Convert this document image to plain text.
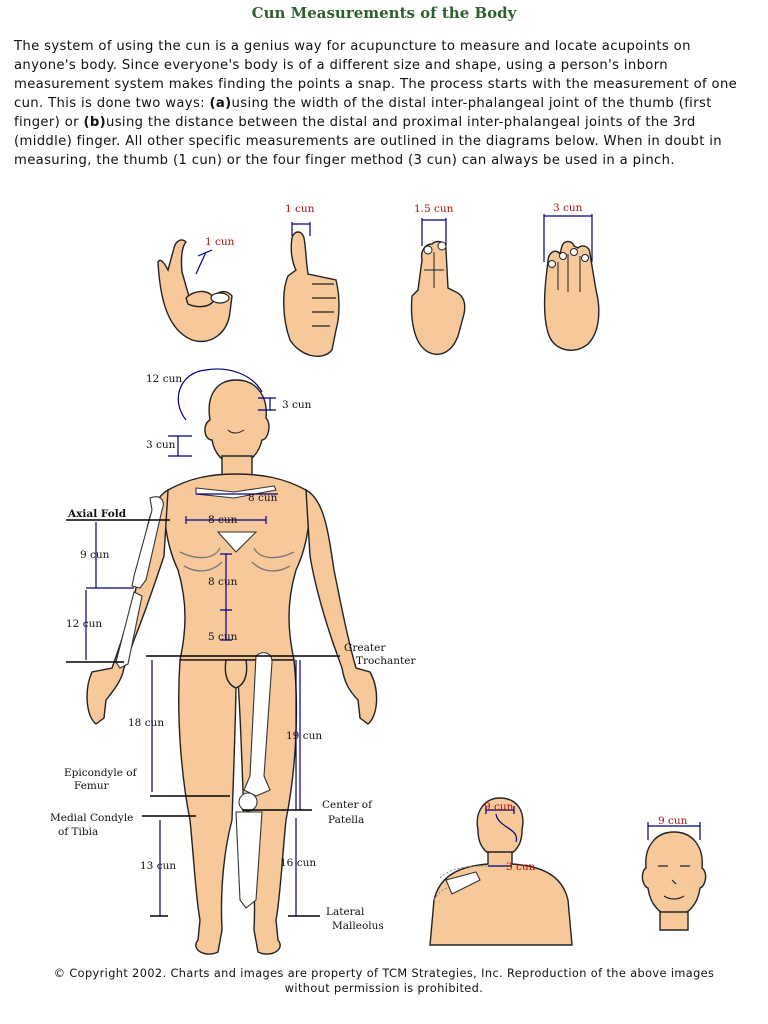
Cun Measurements of the Body
The system of using the cun is a genius way for acupuncture to measure and locate acupoints on anyone's body. Since everyone's body is of a different size and shape, using a person's inborn measurement system makes finding the points a snap. The process starts with the measurement of one cun. This is done two ways: (a)using the width of the distal inter-phalangeal joint of the thumb (first finger) or (b)using the distance between the distal and proximal inter-phalangeal joints of the 3rd (middle) finger. All other specific measurements are outlined in the diagrams below. When in doubt in measuring, the thumb (1 cun) or the four finger method (3 cun) can always be used in a pinch.
1 cun
1 cun	1.5 cun	3 cun
12 cun
3 cun
3 cun
8 cun
8 cun
Axial Fold
9 cun
12 cun
8 cun
5 cun
Greater
Trochanter
18 cun
19 cun
Epicondyle of
Femur
Medial Condyle
of Tibia
Center of
Patella
13 cun	16 cun
Lateral
Malleolus
9 cun
3 cun
9 cun
© Copyright 2002. Charts and images are property of TCM Strategies, Inc. Reproduction of the above images
without permission is prohibited.
